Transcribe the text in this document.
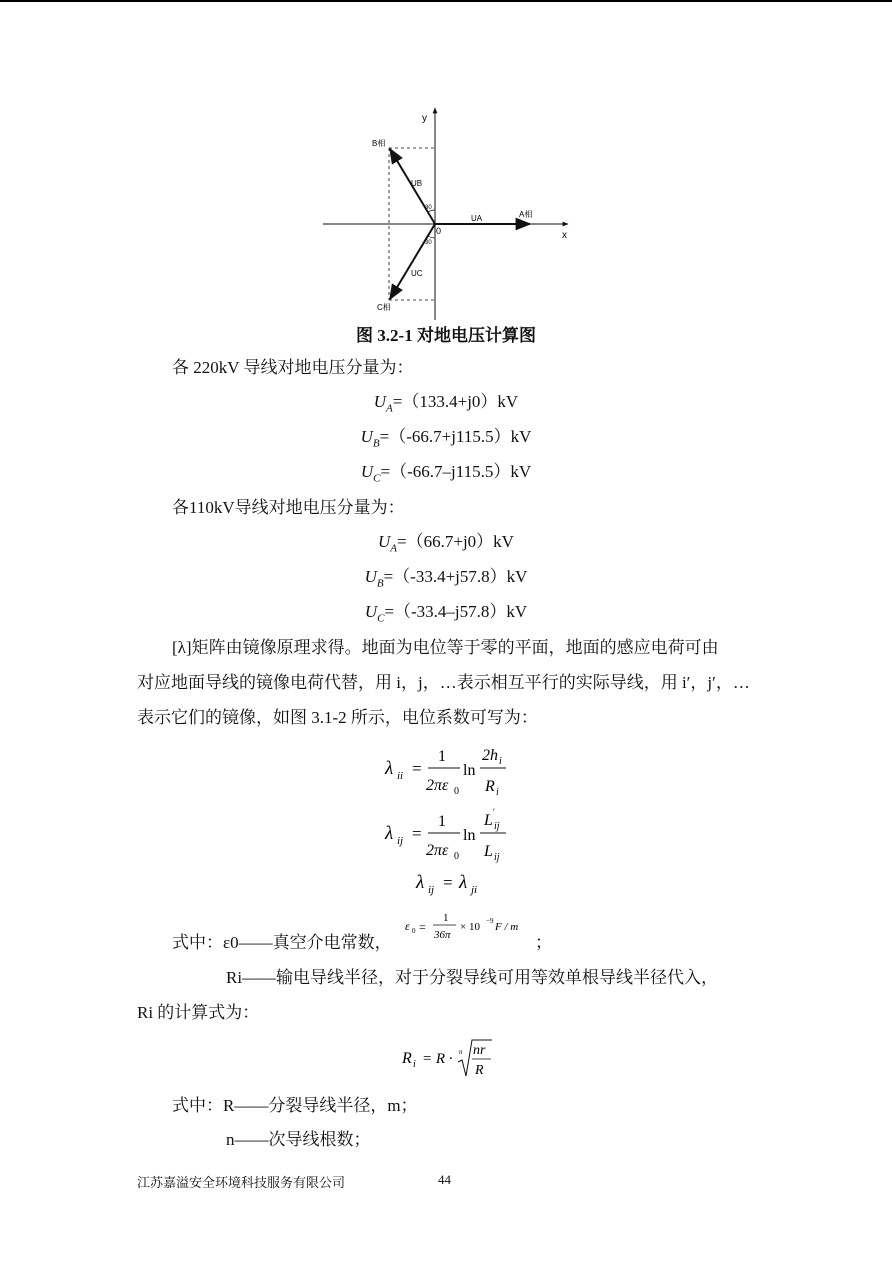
y
x
0
A相
B相
C相
UA
UB
UC
30
30
图 3.2-1 对地电压计算图
各 220kV 导线对地电压分量为：
$U_A=(133.4+j0)kV$
$U_B=(-66.7+j115.5)kV$
$U_C=(-66.7-j115.5)kV$
各110kV导线对地电压分量为：
$U_A=(66.7+j0)kV$
$U_B=(-33.4+j57.8)kV$
$U_C=(-33.4-j57.8)kV$
[λ]矩阵由镜像原理求得。地面为电位等于零的平面，地面的感应电荷可由
对应地面导线的镜像电荷代替，用 i，j，…表示相互平行的实际导线，用 i′，j′，…
表示它们的镜像，如图 3.1-2 所示，电位系数可写为：
λ ii =
1
2πε 0
ln
2h i
R i
λ ij =
1
2πε 0
ln
L ′
ij
L ij
λ ij = λ ji
式中：ε0——真空介电常数，
ε 0 =
1
36π
× 10 −9 F / m
；
Ri——输电导线半径，对于分裂导线可用等效单根导线半径代入，
Ri 的计算式为：
R i = R · n nr
R
式中：R——分裂导线半径，m；
n——次导线根数；
江苏嘉溢安全环境科技服务有限公司	44
